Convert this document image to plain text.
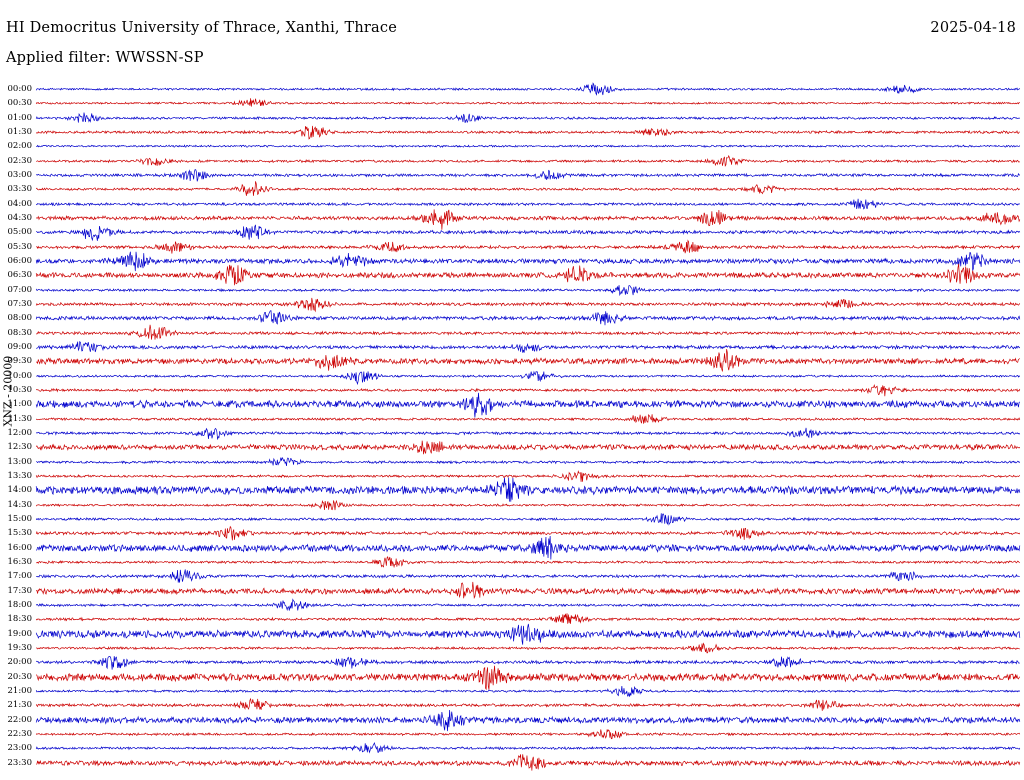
HI Democritus University of Thrace, Xanthi, Thrace	2025-04-18
Applied filter: WWSSN-SP
XNZ - 20000
00:00
00:30
01:00
01:30
02:00
02:30
03:00
03:30
04:00
04:30
05:00
05:30
06:00
06:30
07:00
07:30
08:00
08:30
09:00
09:30
10:00
10:30
11:00
11:30
12:00
12:30
13:00
13:30
14:00
14:30
15:00
15:30
16:00
16:30
17:00
17:30
18:00
18:30
19:00
19:30
20:00
20:30
21:00
21:30
22:00
22:30
23:00
23:30
